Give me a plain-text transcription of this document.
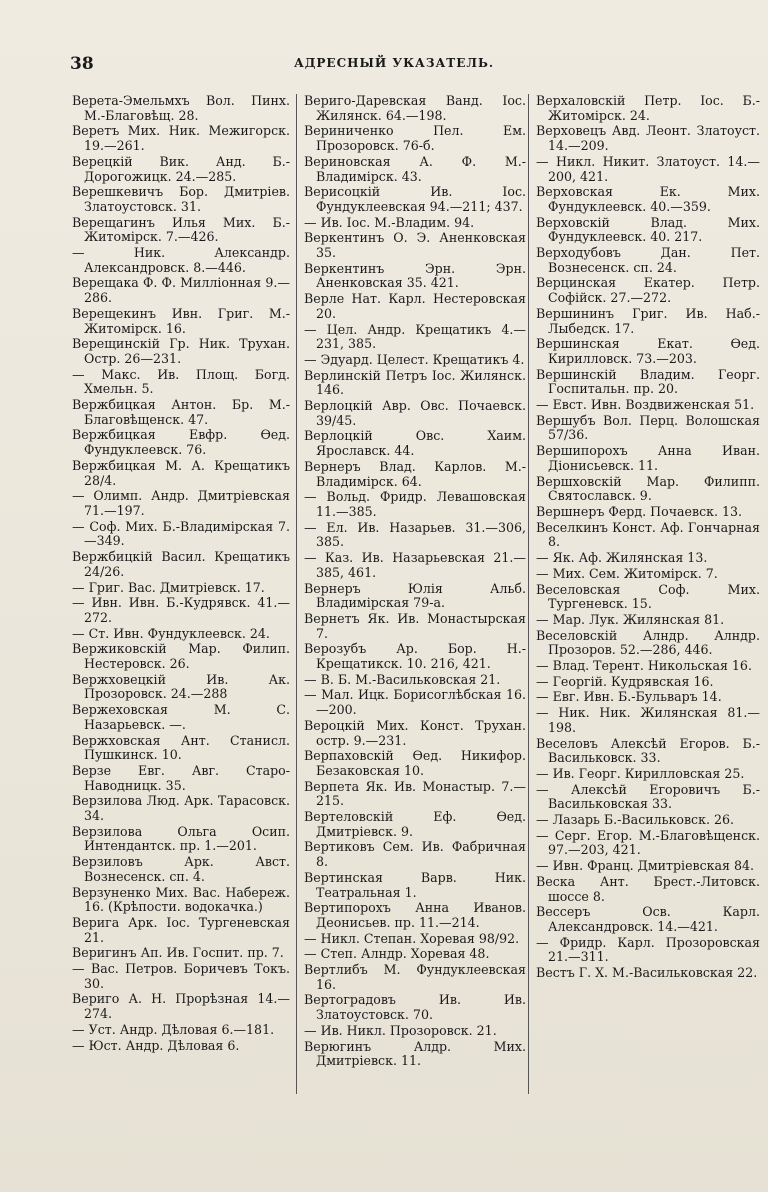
38	АДРЕСНЫЙ УКАЗАТЕЛЬ.
Верета-Эмельмхъ Вол. Пинх. М.-Благовѣщ. 28.
Веретъ Мих. Ник. Межигорск. 19.—261.
Верецкій Вик. Анд. Б.-Дорогожицк. 24.—285.
Верешкевичъ Бор. Дмитріев. Златоустовск. 31.
Верещагинъ Илья Мих. Б.-Житомірск. 7.—426.
— Ник. Александр. Александровск. 8.—446.
Верещака Ф. Ф. Милліонная 9.—286.
Верещекинъ Ивн. Григ. М.-Житоміpск. 16.
Верещинскій Гр. Ник. Трухан. Остр. 26—231.
— Макс. Ив. Площ. Богд. Хмельн. 5.
Вержбицкая Антон. Бр. М.-Благовѣщенск. 47.
Вержбицкая Евфр. Ѳед. Фундуклеевск. 76.
Вержбицкая М. А. Крещатикъ 28/4.
— Олимп. Андр. Дмитріевская 71.—197.
— Соф. Мих. Б.-Владимірская 7.—349.
Вержбицкій Васил. Крещатикъ 24/26.
— Григ. Вас. Дмитріевск. 17.
— Ивн. Ивн. Б.-Кудрявск. 41.—272.
— Ст. Ивн. Фундуклеевск. 24.
Вержиковскій Мар. Филип. Нестеровск. 26.
Вержховецкій Ив. Ак. Прозоровск. 24.—288
Вержеховская М. С. Назарьевск. —.
Вержховская Ант. Станисл. Пушкинск. 10.
Верзе Евг. Авг. Старо-Наводницк. 35.
Верзилова Люд. Арк. Тарасовск. 34.
Верзилова Ольга Осип. Интендантск. пр. 1.—201.
Верзиловъ Арк. Авст. Вознесенск. сп. 4.
Верзуненко Мих. Вас. Набереж. 16. (Крѣпости. водокачка.)
Верига Арк. Іос. Тургеневская 21.
Веригинъ Ап. Ив. Госпит. пр. 7.
— Вас. Петров. Боричевъ Токъ. 30.
Вериго А. Н. Прорѣзная 14.—274.
— Уст. Андр. Дѣловая 6.—181.
— Юст. Андр. Дѣловая 6.
Вериго-Даревская Ванд. Іос. Жилянск. 64.—198.
Вериниченко Пел. Ем. Прозоровск. 76-б.
Вериновская А. Ф. М.-Владимірск. 43.
Верисоцкій Ив. Іос. Фундуклеевская 94.—211; 437.
— Ив. Іос. М.-Владим. 94.
Веркентинъ О. Э. Аненковская 35.
Веркентинъ Эрн. Эрн. Аненковская 35. 421.
Верле Нат. Карл. Нестеровская 20.
— Цел. Андр. Крещатикъ 4.—231, 385.
— Эдуард. Целест. Крещатикъ 4.
Верлинскій Петръ Іос. Жилянск. 146.
Верлоцкій Авр. Овс. Почаевск. 39/45.
Верлоцкій Овс. Хаим. Ярославск. 44.
Вернеръ Влад. Карлов. М.-Владимірск. 64.
— Вольд. Фридр. Левашовская 11.—385.
— Ел. Ив. Назарьев. 31.—306, 385.
— Каз. Ив. Назарьевская 21.—385, 461.
Вернеръ Юлія Альб. Владимірская 79-а.
Вернетъ Як. Ив. Монастырская 7.
Верозубъ Ар. Бор. Н.-Крещатикск. 10. 216, 421.
— В. Б. М.-Васильковская 21.
— Мал. Ицк. Борисоглѣбская 16.—200.
Вероцкій Мих. Конст. Трухан. остр. 9.—231.
Верпаховскій Ѳед. Никифор. Безаковская 10.
Верпета Як. Ив. Монастыр. 7.—215.
Вертеловскій Еф. Ѳед. Дмитріевск. 9.
Вертиковъ Сем. Ив. Фабричная 8.
Вертинская Варв. Ник. Театральная 1.
Вертипорохъ Анна Иванов. Деонисьев. пр. 11.—214.
— Никл. Степан. Хоревая 98/92.
— Степ. Алндр. Хоревая 48.
Вертлибъ М. Фундуклеевская 16.
Вертоградовъ Ив. Ив. Златоустовск. 70.
— Ив. Никл. Прозоровск. 21.
Верюгинъ Алдр. Мих. Дмитріевск. 11.
Верхаловскій Петр. Іос. Б.-Житомірск. 24.
Верховецъ Авд. Леонт. Златоуст. 14.—209.
— Никл. Никит. Златоуст. 14.—200, 421.
Верховская Ек. Мих. Фундуклеевск. 40.—359.
Верховскій Влад. Мих. Фундуклеевск. 40. 217.
Верходубовъ Дан. Пет. Вознесенск. сп. 24.
Верцинская Екатер. Петр. Софійск. 27.—272.
Вершининъ Григ. Ив. Наб.-Лыбедск. 17.
Вершинская Екат. Ѳед. Кирилловск. 73.—203.
Вершинскій Владим. Георг. Госпитальн. пр. 20.
— Евст. Ивн. Воздвиженская 51.
Вершубъ Вол. Перц. Волошская 57/36.
Вершипорохъ Анна Иван. Діонисьевск. 11.
Вершховскій Мар. Филипп. Святославск. 9.
Вершнеръ Ферд. Почаевск. 13.
Веселкинъ Конст. Аф. Гончарная 8.
— Як. Аф. Жилянская 13.
— Мих. Сем. Житомірск. 7.
Веселовская Соф. Мих. Тургеневск. 15.
— Мар. Лук. Жилянская 81.
Веселовскій Алндр. Алндр. Прозоров. 52.—286, 446.
— Влад. Терент. Никольская 16.
— Георгій. Кудрявская 16.
— Евг. Ивн. Б.-Бульваръ 14.
— Ник. Ник. Жилянская 81.—198.
Веселовъ Алексѣй Егоров. Б.-Васильковск. 33.
— Ив. Георг. Кирилловская 25.
— Алексѣй Егоровичъ Б.-Васильковская 33.
— Лазарь Б.-Васильковск. 26.
— Серг. Егор. М.-Благовѣщенск. 97.—203, 421.
— Ивн. Франц. Дмитріевская 84.
Веска Ант. Брест.-Литовск. шоссе 8.
Вессеръ Осв. Карл. Александровск. 14.—421.
— Фридр. Карл. Прозоровская 21.—311.
Вестъ Г. Х. М.-Васильковская 22.
